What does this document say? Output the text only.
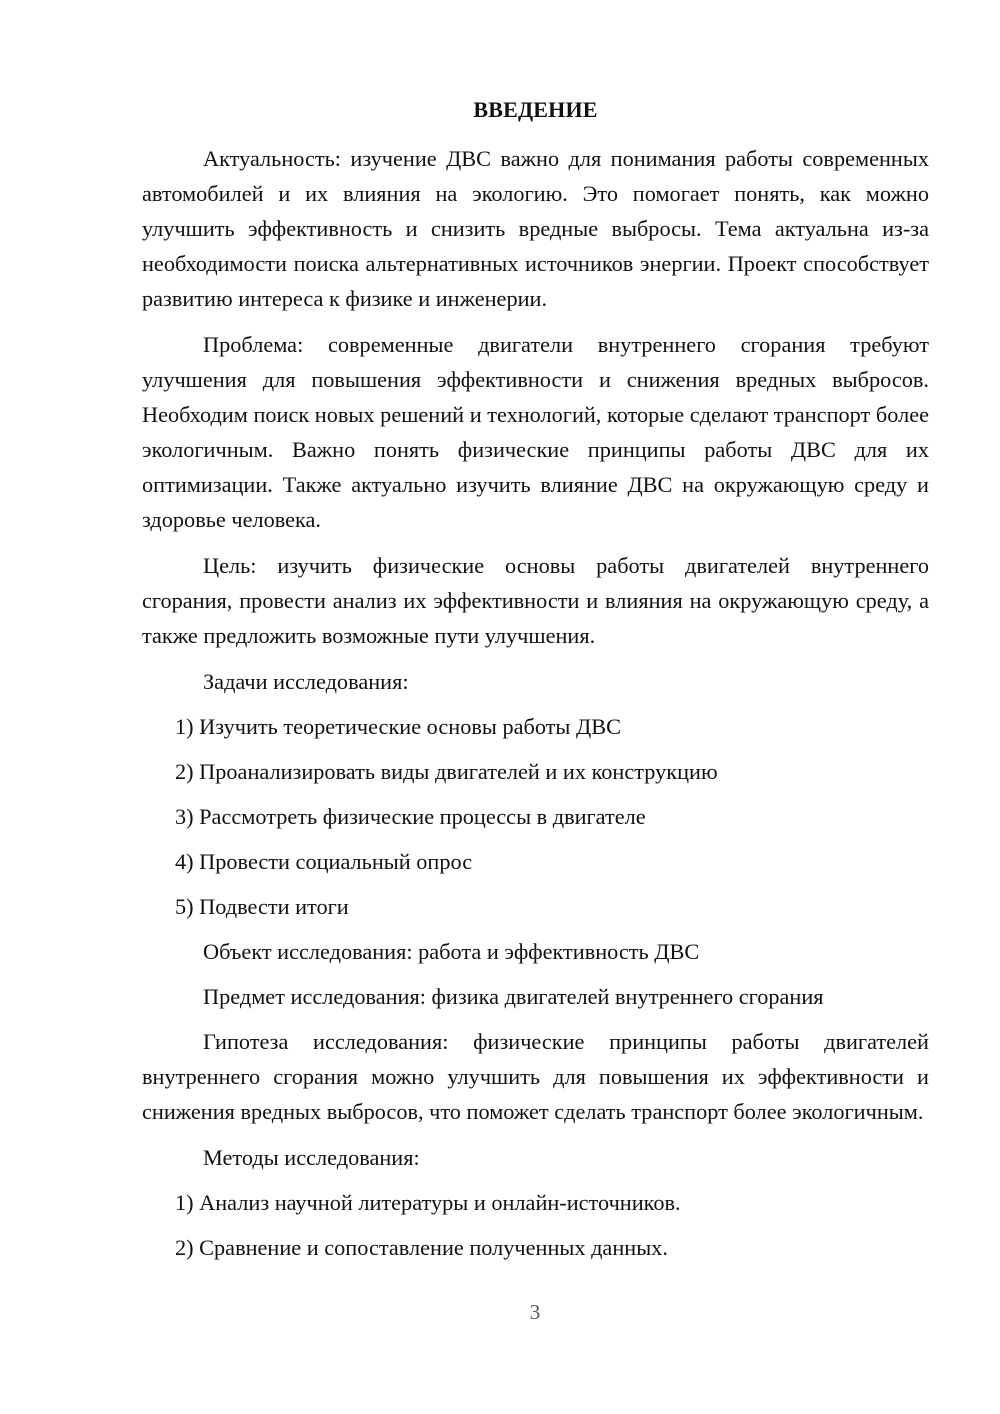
ВВЕДЕНИЕ

Актуальность: изучение ДВС важно для понимания работы современных автомобилей и их влияния на экологию. Это помогает понять, как можно улучшить эффективность и снизить вредные выбросы. Тема актуальна из-за необходимости поиска альтернативных источников энергии. Проект способствует развитию интереса к физике и инженерии.

Проблема: современные двигатели внутреннего сгорания требуют улучшения для повышения эффективности и снижения вредных выбросов. Необходим поиск новых решений и технологий, которые сделают транспорт более экологичным. Важно понять физические принципы работы ДВС для их оптимизации. Также актуально изучить влияние ДВС на окружающую среду и здоровье человека.

Цель: изучить физические основы работы двигателей внутреннего сгорания, провести анализ их эффективности и влияния на окружающую среду, а также предложить возможные пути улучшения.

Задачи исследования:

1) Изучить теоретические основы работы ДВС
2) Проанализировать виды двигателей и их конструкцию
3) Рассмотреть физические процессы в двигателе
4) Провести социальный опрос
5) Подвести итоги

Объект исследования: работа и эффективность ДВС

Предмет исследования: физика двигателей внутреннего сгорания

Гипотеза исследования: физические принципы работы двигателей внутреннего сгорания можно улучшить для повышения их эффективности и снижения вредных выбросов, что поможет сделать транспорт более экологичным.

Методы исследования:

1) Анализ научной литературы и онлайн-источников.
2) Сравнение и сопоставление полученных данных.
3
